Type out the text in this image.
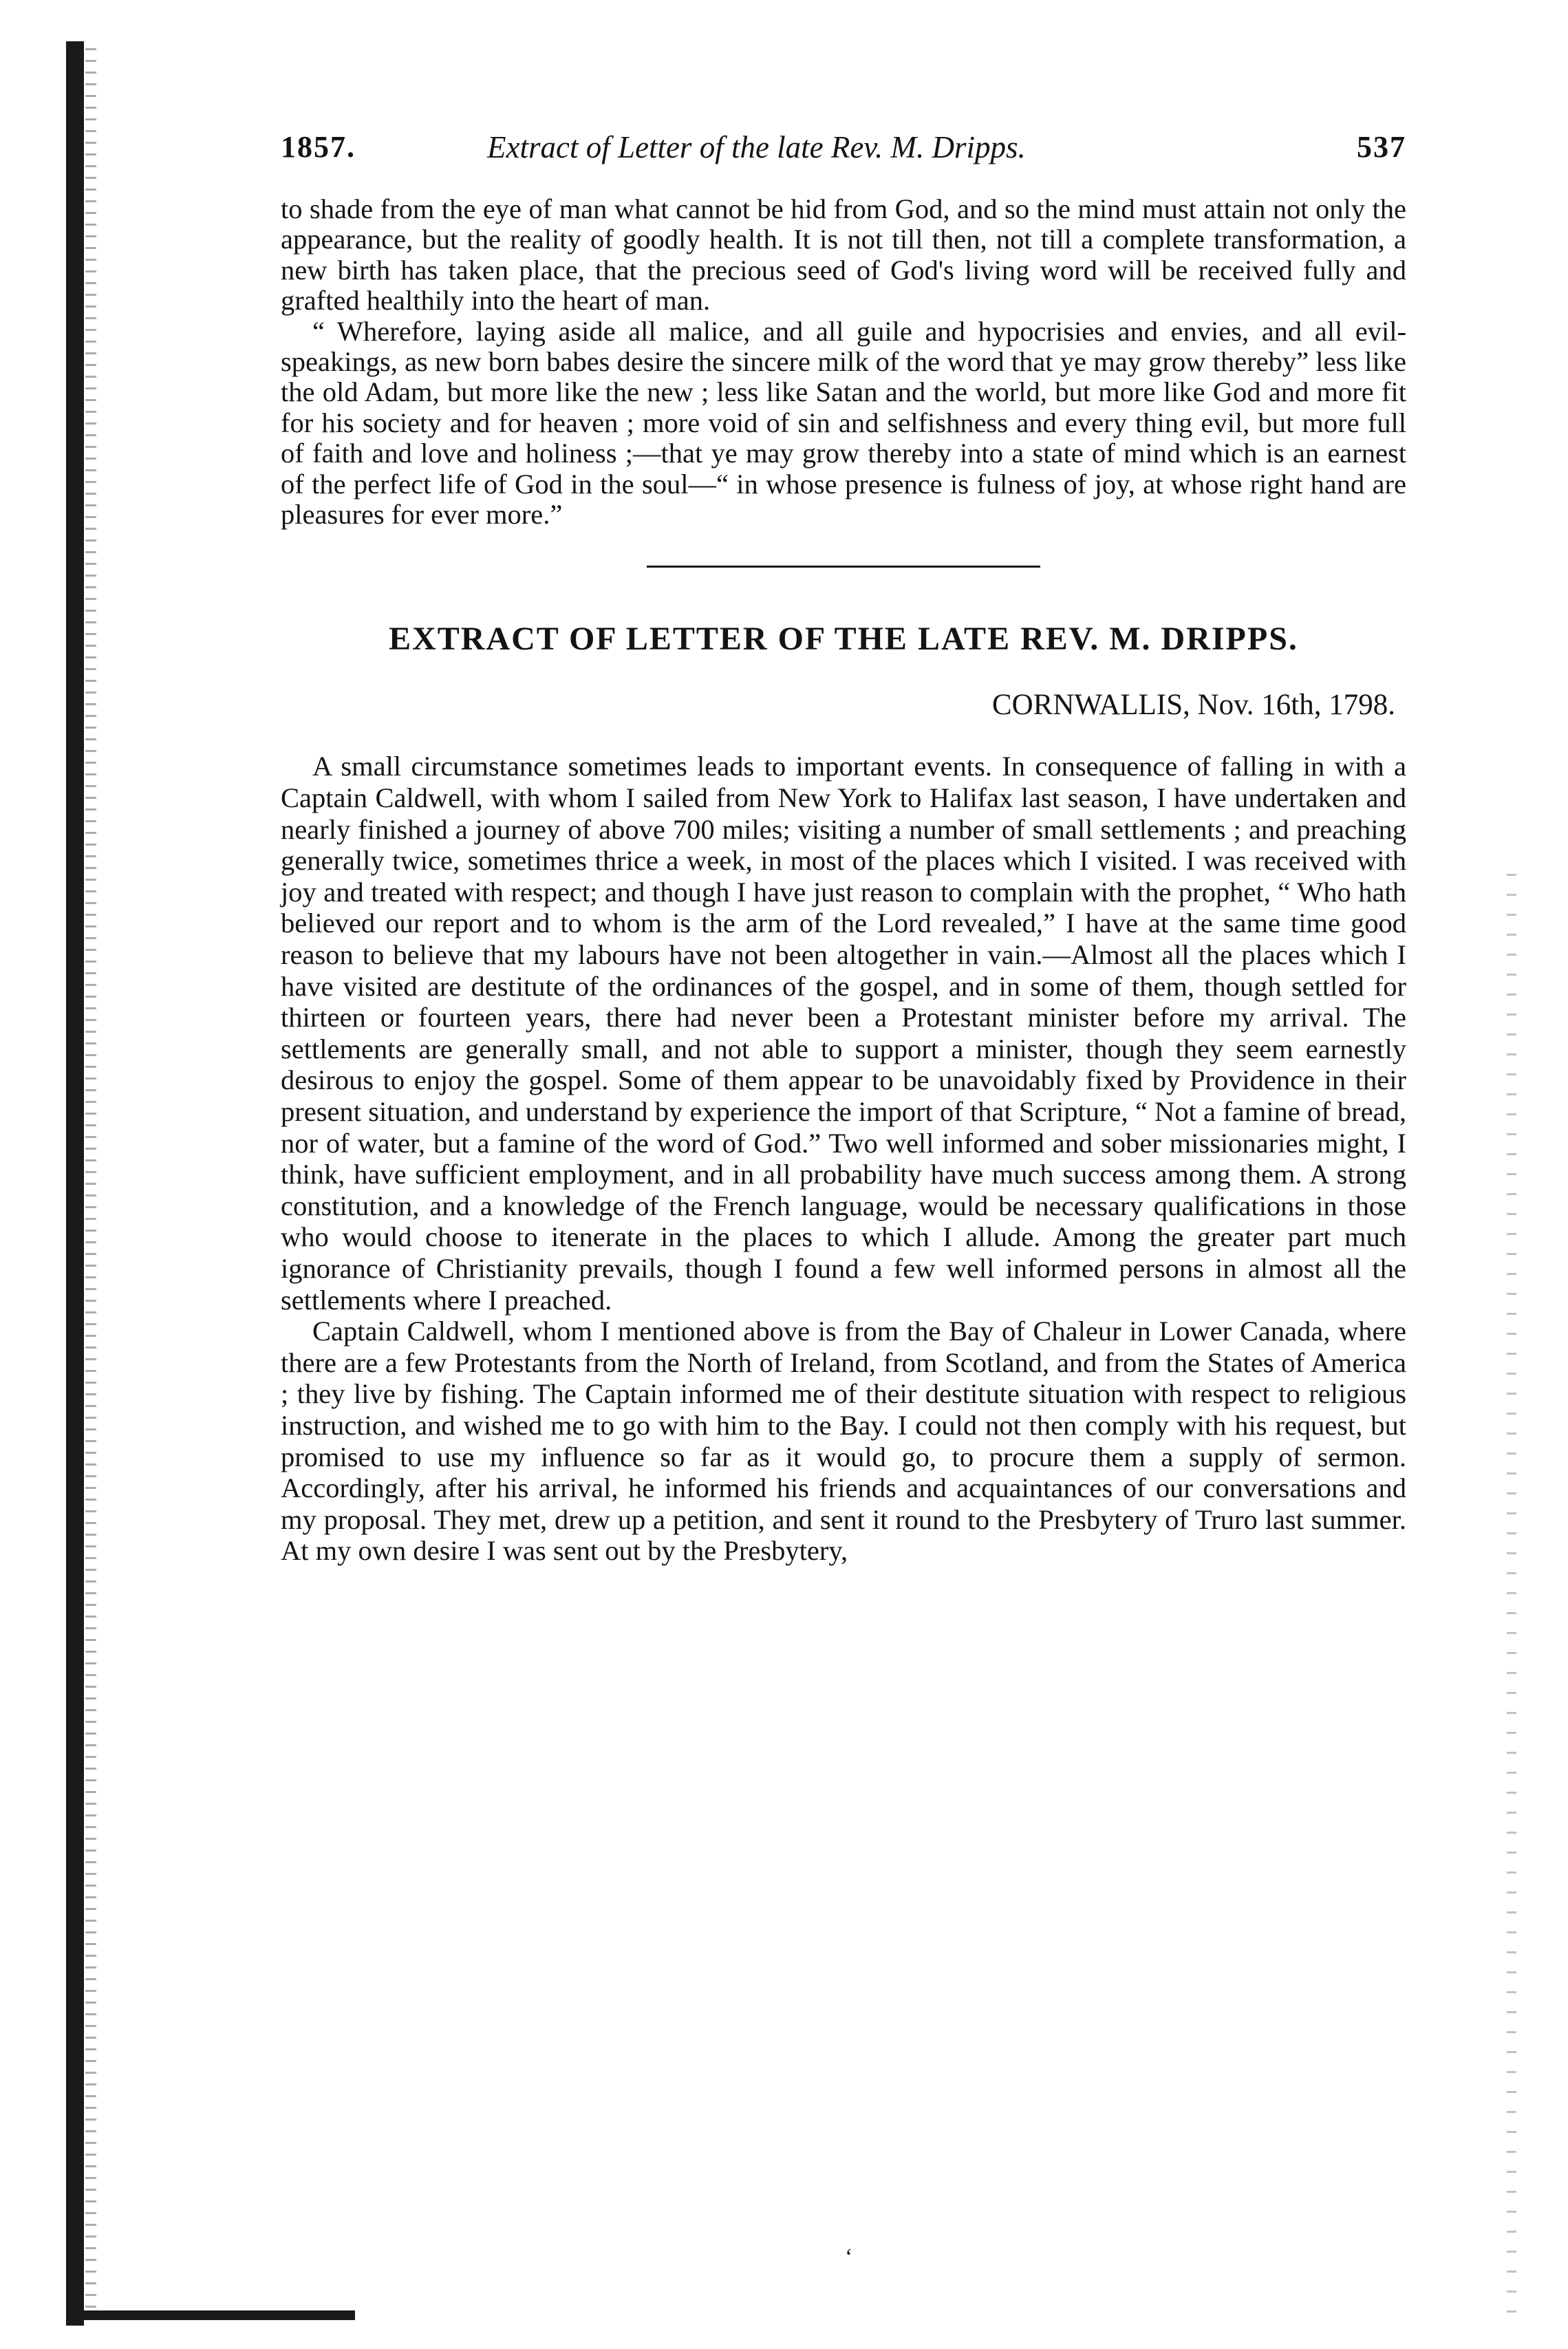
1857.	Extract of Letter of the late Rev. M. Dripps.	537

to shade from the eye of man what cannot be hid from God, and so the mind must attain not only the appearance, but the reality of goodly health. It is not till then, not till a complete transformation, a new birth has taken place, that the precious seed of God's living word will be received fully and grafted healthily into the heart of man.

“ Wherefore, laying aside all malice, and all guile and hypocrisies and envies, and all evil-speakings, as new born babes desire the sincere milk of the word that ye may grow thereby” less like the old Adam, but more like the new ; less like Satan and the world, but more like God and more fit for his society and for heaven ; more void of sin and selfishness and every thing evil, but more full of faith and love and holiness ;—that ye may grow thereby into a state of mind which is an earnest of the perfect life of God in the soul—“ in whose presence is fulness of joy, at whose right hand are pleasures for ever more.”

EXTRACT OF LETTER OF THE LATE REV. M. DRIPPS.
CORNWALLIS, Nov. 16th, 1798.

A small circumstance sometimes leads to important events. In consequence of falling in with a Captain Caldwell, with whom I sailed from New York to Halifax last season, I have undertaken and nearly finished a journey of above 700 miles; visiting a number of small settlements ; and preaching generally twice, sometimes thrice a week, in most of the places which I visited. I was received with joy and treated with respect; and though I have just reason to complain with the prophet, “ Who hath believed our report and to whom is the arm of the Lord revealed,” I have at the same time good reason to believe that my labours have not been altogether in vain.—Almost all the places which I have visited are destitute of the ordinances of the gospel, and in some of them, though settled for thirteen or fourteen years, there had never been a Protestant minister before my arrival. The settlements are generally small, and not able to support a minister, though they seem earnestly desirous to enjoy the gospel. Some of them appear to be unavoidably fixed by Providence in their present situation, and understand by experience the import of that Scripture, “ Not a famine of bread, nor of water, but a famine of the word of God.” Two well informed and sober missionaries might, I think, have sufficient employment, and in all probability have much success among them. A strong constitution, and a knowledge of the French language, would be necessary qualifications in those who would choose to itenerate in the places to which I allude. Among the greater part much ignorance of Christianity prevails, though I found a few well informed persons in almost all the settlements where I preached.

Captain Caldwell, whom I mentioned above is from the Bay of Chaleur in Lower Canada, where there are a few Protestants from the North of Ireland, from Scotland, and from the States of America ; they live by fishing. The Captain informed me of their destitute situation with respect to religious instruction, and wished me to go with him to the Bay. I could not then comply with his request, but promised to use my influence so far as it would go, to procure them a supply of sermon. Accordingly, after his arrival, he informed his friends and acquaintances of our conversations and my proposal. They met, drew up a petition, and sent it round to the Presbytery of Truro last summer. At my own desire I was sent out by the Presbytery,

‘
